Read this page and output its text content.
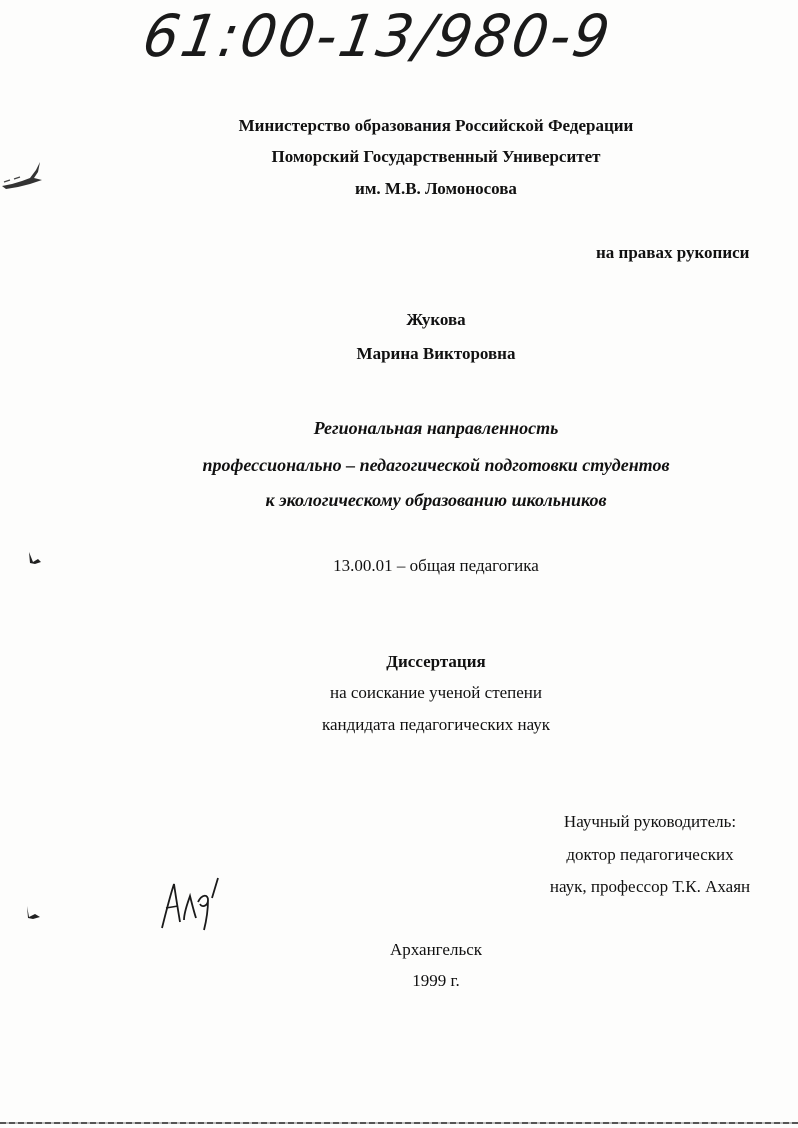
61:00-13/980-9
Министерство образования Российской Федерации
Поморский Государственный Университет
им. М.В. Ломоносова
на правах рукописи
Жукова
Марина Викторовна
Региональная направленность
профессионально – педагогической подготовки студентов
к экологическому образованию школьников
13.00.01 – общая педагогика
Диссертация
на соискание ученой степени
кандидата педагогических наук
Научный руководитель:
доктор педагогических
наук, профессор Т.К. Ахаян
Архангельск
1999 г.
